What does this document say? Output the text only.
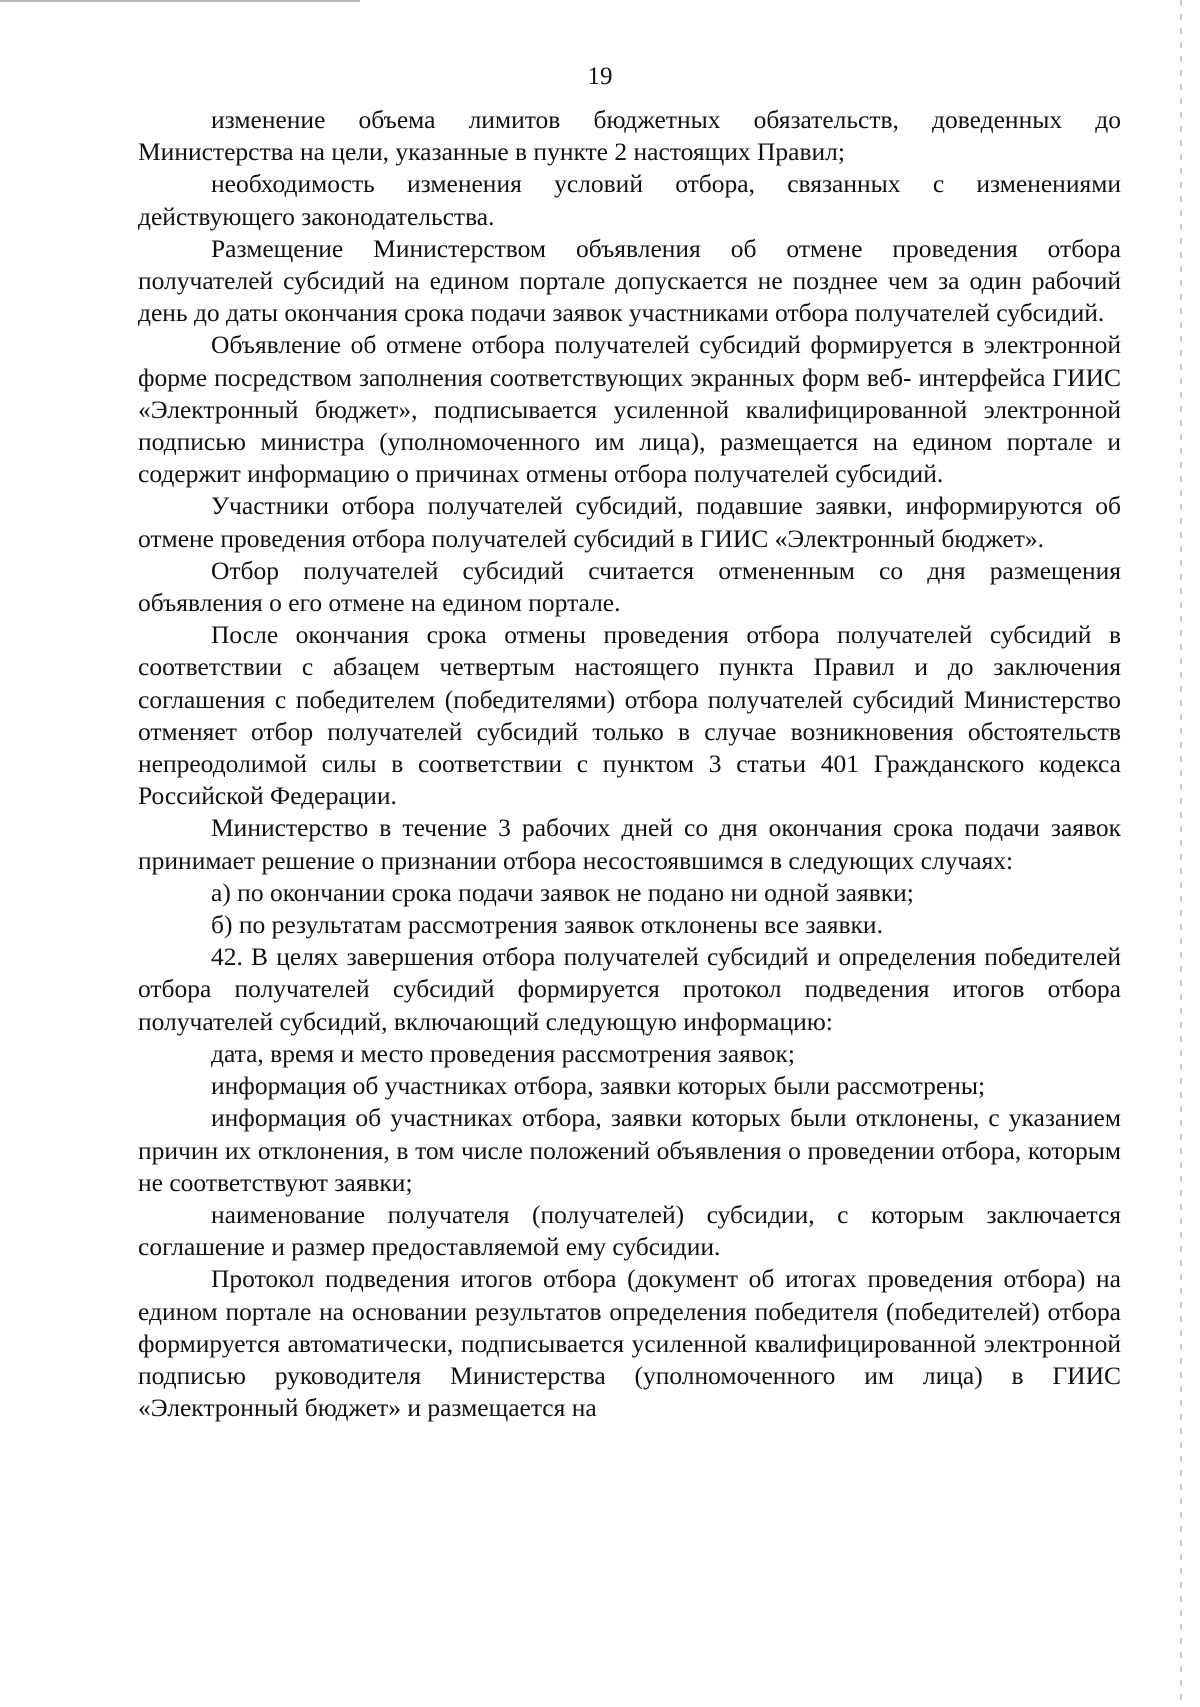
19

изменение объема лимитов бюджетных обязательств, доведенных до Министерства на цели, указанные в пункте 2 настоящих Правил;

необходимость изменения условий отбора, связанных с изменениями действующего законодательства.

Размещение Министерством объявления об отмене проведения отбора получателей субсидий на едином портале допускается не позднее чем за один рабочий день до даты окончания срока подачи заявок участниками отбора получателей субсидий.

Объявление об отмене отбора получателей субсидий формируется в электронной форме посредством заполнения соответствующих экранных форм веб- интерфейса ГИИС «Электронный бюджет», подписывается усиленной квалифицированной электронной подписью министра (уполномоченного им лица), размещается на едином портале и содержит информацию о причинах отмены отбора получателей субсидий.

Участники отбора получателей субсидий, подавшие заявки, информируются об отмене проведения отбора получателей субсидий в ГИИС «Электронный бюджет».

Отбор получателей субсидий считается отмененным со дня размещения объявления о его отмене на едином портале.

После окончания срока отмены проведения отбора получателей субсидий в соответствии с абзацем четвертым настоящего пункта Правил и до заключения соглашения с победителем (победителями) отбора получателей субсидий Министерство отменяет отбор получателей субсидий только в случае возникновения обстоятельств непреодолимой силы в соответствии с пунктом 3 статьи 401 Гражданского кодекса Российской Федерации.

Министерство в течение 3 рабочих дней со дня окончания срока подачи заявок принимает решение о признании отбора несостоявшимся в следующих случаях:

а) по окончании срока подачи заявок не подано ни одной заявки;

б) по результатам рассмотрения заявок отклонены все заявки.

42. В целях завершения отбора получателей субсидий и определения победителей отбора получателей субсидий формируется протокол подведения итогов отбора получателей субсидий, включающий следующую информацию:

дата, время и место проведения рассмотрения заявок;

информация об участниках отбора, заявки которых были рассмотрены;

информация об участниках отбора, заявки которых были отклонены, с указанием причин их отклонения, в том числе положений объявления о проведении отбора, которым не соответствуют заявки;

наименование получателя (получателей) субсидии, с которым заключается соглашение и размер предоставляемой ему субсидии.

Протокол подведения итогов отбора (документ об итогах проведения отбора) на едином портале на основании результатов определения победителя (победителей) отбора формируется автоматически, подписывается усиленной квалифицированной электронной подписью руководителя Министерства (уполномоченного им лица) в ГИИС «Электронный бюджет» и размещается на
